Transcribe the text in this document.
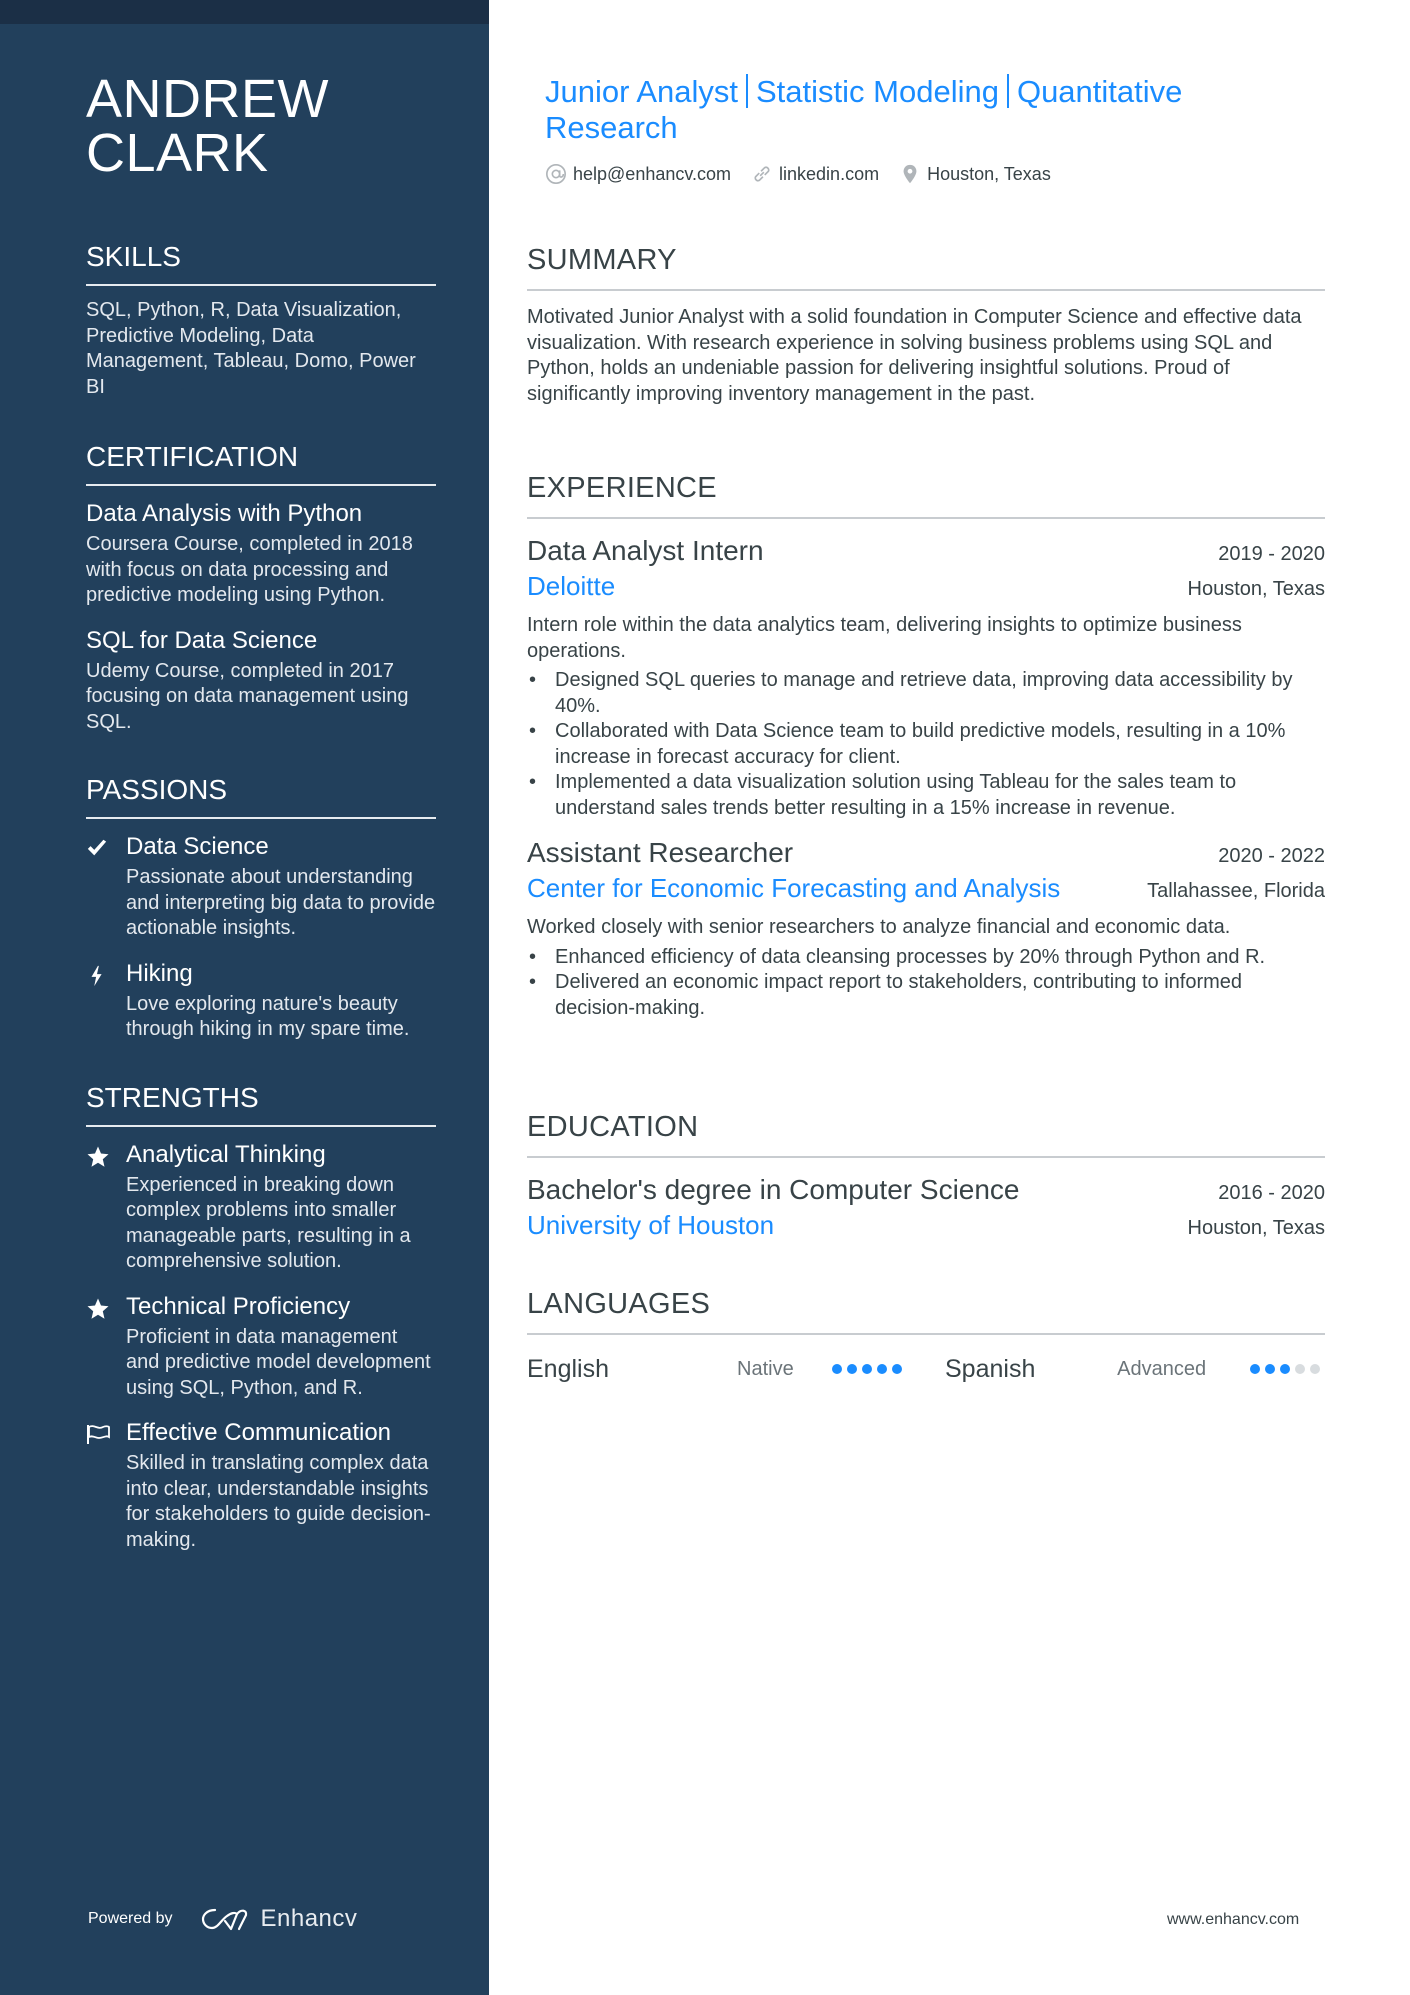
ANDREW
CLARK
SKILLS
SQL, Python, R, Data Visualization, Predictive Modeling, Data Management, Tableau, Domo, Power BI
CERTIFICATION
Data Analysis with Python
Coursera Course, completed in 2018 with focus on data processing and predictive modeling using Python.
SQL for Data Science
Udemy Course, completed in 2017 focusing on data management using SQL.
PASSIONS
Data Science
Passionate about understanding and interpreting big data to provide actionable insights.
Hiking
Love exploring nature's beauty through hiking in my spare time.
STRENGTHS
Analytical Thinking
Experienced in breaking down complex problems into smaller manageable parts, resulting in a comprehensive solution.
Technical Proficiency
Proficient in data management and predictive model development using SQL, Python, and R.
Effective Communication
Skilled in translating complex data into clear, understandable insights for stakeholders to guide decision-making.
Powered by	Enhancv
Junior Analyst Statistic Modeling Quantitative Research
help@enhancv.com	linkedin.com	Houston, Texas
SUMMARY
Motivated Junior Analyst with a solid foundation in Computer Science and effective data visualization. With research experience in solving business problems using SQL and Python, holds an undeniable passion for delivering insightful solutions. Proud of significantly improving inventory management in the past.
EXPERIENCE
Data Analyst Intern	2019 - 2020
Deloitte	Houston, Texas
Intern role within the data analytics team, delivering insights to optimize business operations.
• Designed SQL queries to manage and retrieve data, improving data accessibility by 40%.
• Collaborated with Data Science team to build predictive models, resulting in a 10% increase in forecast accuracy for client.
• Implemented a data visualization solution using Tableau for the sales team to understand sales trends better resulting in a 15% increase in revenue.
Assistant Researcher	2020 - 2022
Center for Economic Forecasting and Analysis	Tallahassee, Florida
Worked closely with senior researchers to analyze financial and economic data.
• Enhanced efficiency of data cleansing processes by 20% through Python and R.
• Delivered an economic impact report to stakeholders, contributing to informed decision-making.
EDUCATION
Bachelor's degree in Computer Science	2016 - 2020
University of Houston	Houston, Texas
LANGUAGES
English	Native	Spanish	Advanced
www.enhancv.com
